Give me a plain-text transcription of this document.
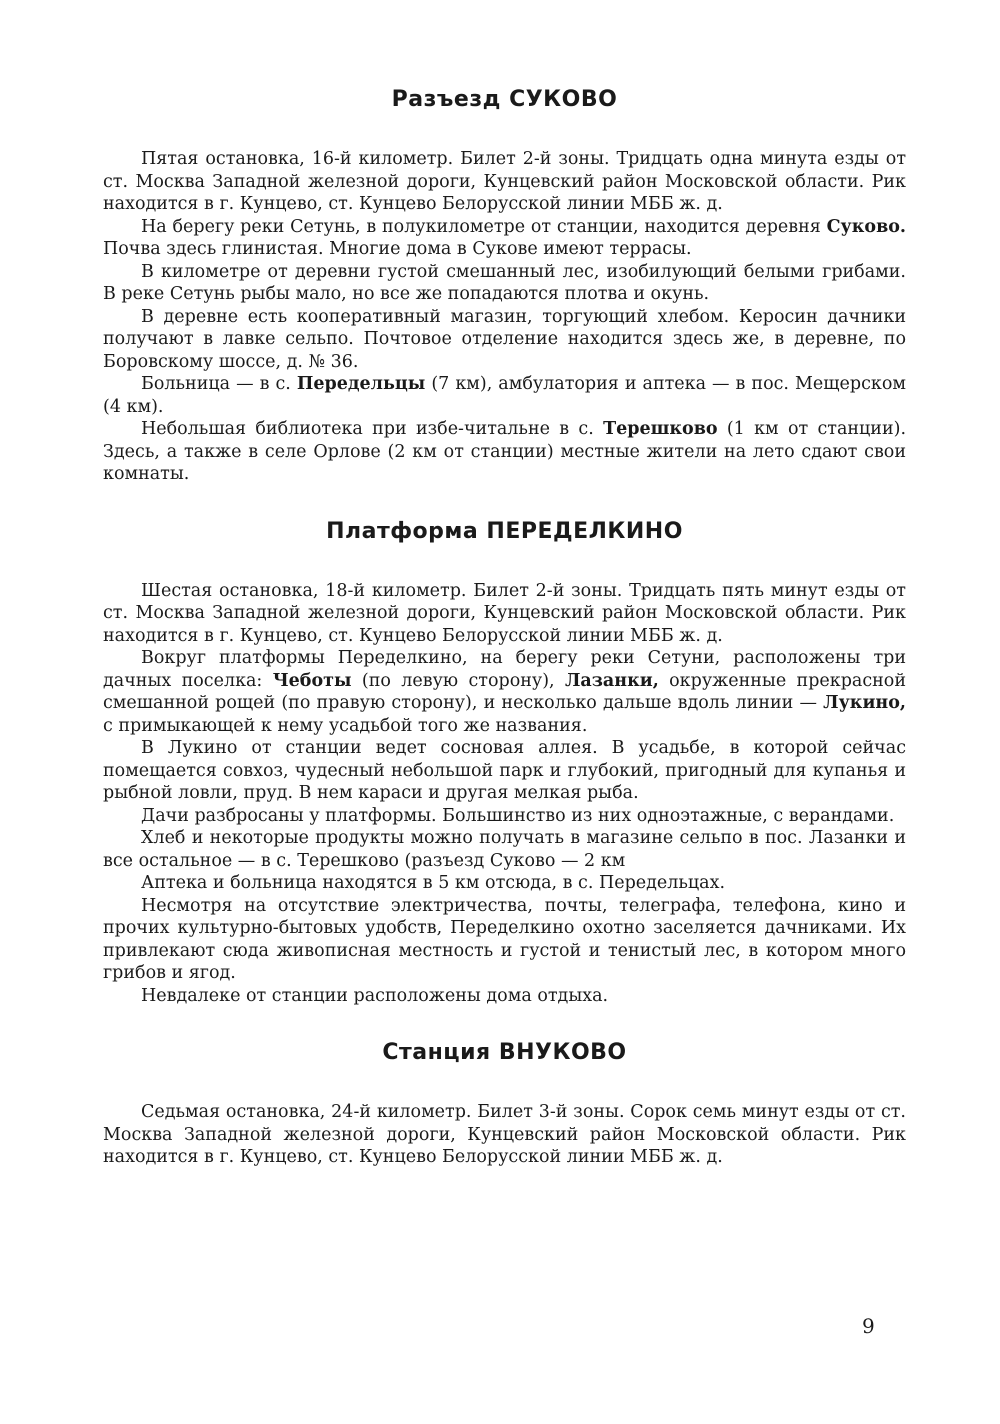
Разъезд СУКОВО

Пятая остановка, 16-й километр. Билет 2-й зоны. Тридцать одна минута езды от ст. Москва Западной железной дороги, Кунцевский район Московской области. Рик находится в г. Кунцево, ст. Кунцево Белорусской линии МББ ж. д.

На берегу реки Сетунь, в полукилометре от станции, находится деревня Суково. Почва здесь глинистая. Многие дома в Сукове имеют террасы.

В километре от деревни густой смешанный лес, изобилующий белыми грибами. В реке Сетунь рыбы мало, но все же попадаются плотва и окунь.

В деревне есть кооперативный магазин, торгующий хлебом. Керосин дачники получают в лавке сельпо. Почтовое отделение находится здесь же, в деревне, по Боровскому шоссе, д. № 36.

Больница — в с. Передельцы (7 км), амбулатория и аптека — в пос. Мещерском (4 км).

Небольшая библиотека при избе-читальне в с. Терешково (1 км от станции). Здесь, а также в селе Орлове (2 км от станции) местные жители на лето сдают свои комнаты.

Платформа ПЕРЕДЕЛКИНО

Шестая остановка, 18-й километр. Билет 2-й зоны. Тридцать пять минут езды от ст. Москва Западной железной дороги, Кунцевский район Московской области. Рик находится в г. Кунцево, ст. Кунцево Белорусской линии МББ ж. д.

Вокруг платформы Переделкино, на берегу реки Сетуни, расположены три дачных поселка: Чеботы (по левую сторону), Лазанки, окруженные прекрасной смешанной рощей (по правую сторону), и несколько дальше вдоль линии — Лукино, с примыкающей к нему усадьбой того же названия.

В Лукино от станции ведет сосновая аллея. В усадьбе, в которой сейчас помещается совхоз, чудесный небольшой парк и глубокий, пригодный для купанья и рыбной ловли, пруд. В нем караси и другая мелкая рыба.

Дачи разбросаны у платформы. Большинство из них одноэтажные, с верандами.

Хлеб и некоторые продукты можно получать в магазине сельпо в пос. Лазанки и все остальное — в с. Терешково (разъезд Суково — 2 км

Аптека и больница находятся в 5 км отсюда, в с. Передельцах.

Несмотря на отсутствие электричества, почты, телеграфа, телефона, кино и прочих культурно-бытовых удобств, Переделкино охотно заселяется дачниками. Их привлекают сюда живописная местность и густой и тенистый лес, в котором много грибов и ягод.

Невдалеке от станции расположены дома отдыха.

Станция ВНУКОВО

Седьмая остановка, 24-й километр. Билет 3-й зоны. Сорок семь минут езды от ст. Москва Западной железной дороги, Кунцевский район Московской области. Рик находится в г. Кунцево, ст. Кунцево Белорусской линии МББ ж. д.

9
